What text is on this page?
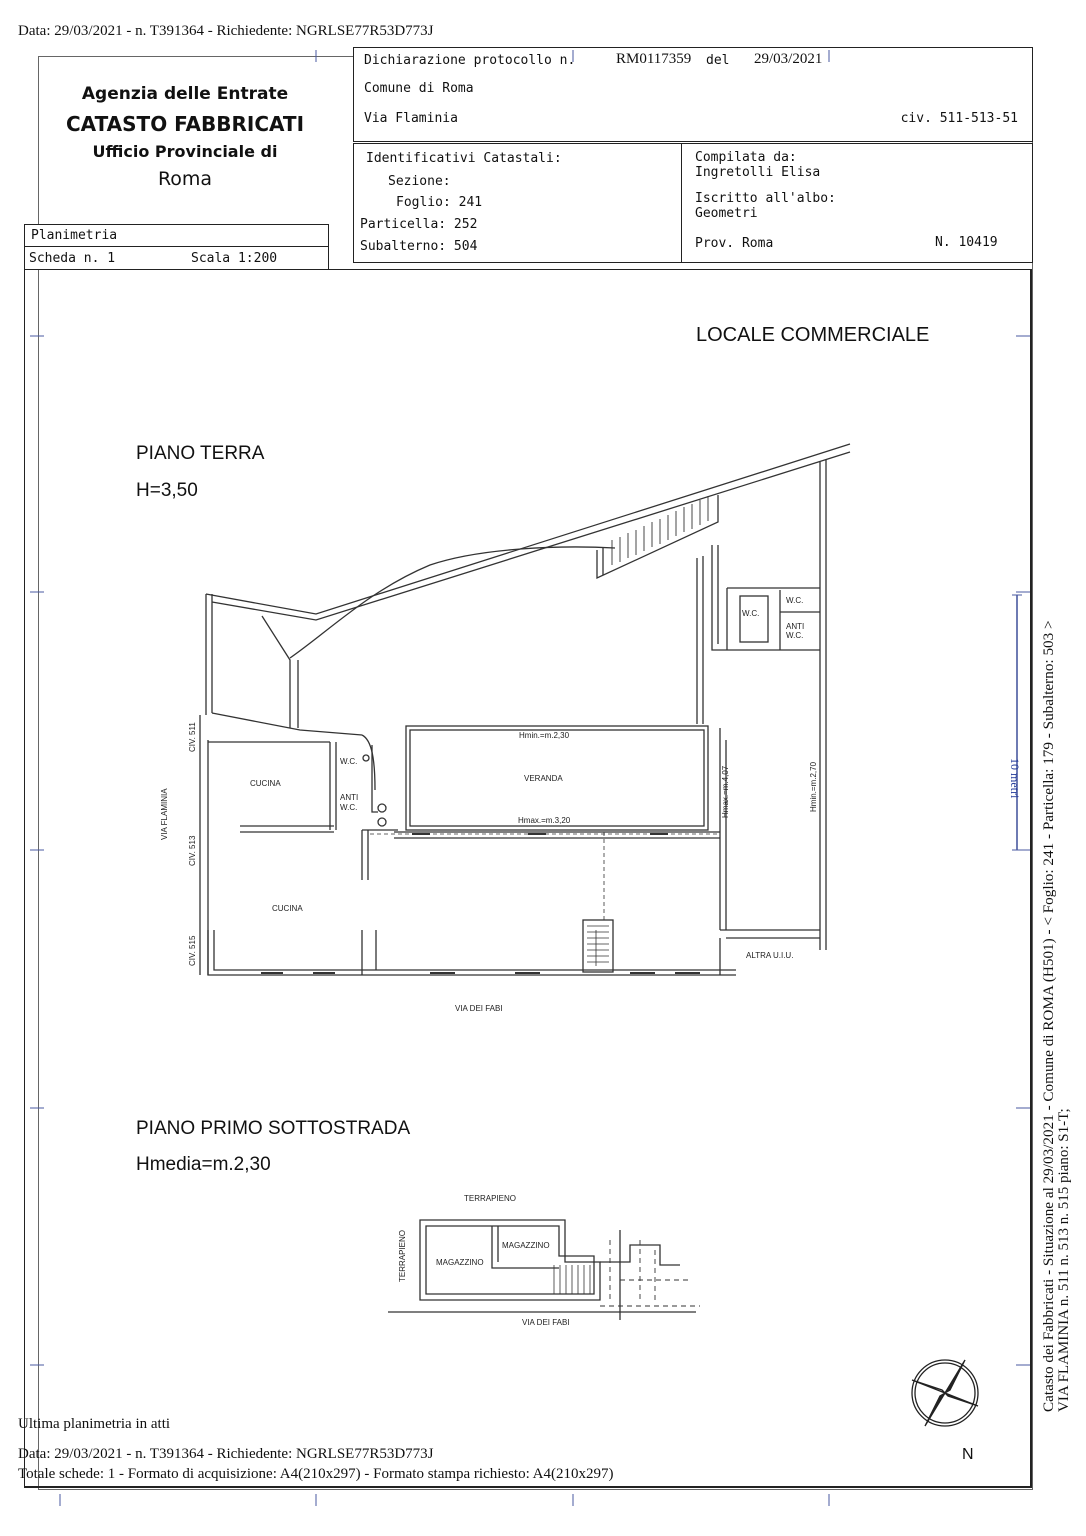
Data: 29/03/2021 - n. T391364 - Richiedente: NGRLSE77R53D773J
Agenzia delle Entrate
CATASTO FABBRICATI
Ufficio Provinciale di
Roma
Planimetria
Scheda n. 1	Scala 1:200
Dichiarazione protocollo n.	RM0117359 del 29/03/2021
Comune di Roma
Via Flaminia	civ. 511-513-51
Identificativi Catastali:
Sezione:
Foglio: 241
Particella: 252
Subalterno: 504
Compilata da:
Ingretolli Elisa
Iscritto all'albo:
Geometri
Prov. Roma	N. 10419
LOCALE COMMERCIALE
PIANO TERRA
H=3,50
PIANO PRIMO SOTTOSTRADA
Hmedia=m.2,30
VIA FLAMINIA
CIV. 511
CIV. 513
CIV. 515
CUCINA
CUCINA
W.C.
ANTI
W.C.
VERANDA
Hmin.=m.2,30
Hmax.=m.3,20
Hmax.=m.4,07	Hmin.=m.2,70
W.C.
W.C.
ANTI
W.C.
ALTRA U.I.U.
VIA DEI FABI
TERRAPIENO
TERRAPIENO	MAGAZZINO
MAGAZZINO
VIA DEI FABI	Catasto dei Fabbricati - Situazione al 29/03/2021 - Comune di ROMA (H501) - < Foglio: 241 - Particella: 179 - Subalterno: 503 > VIA FLAMINIA n. 511 n. 513 n. 515 piano: S1-T;
10 metri
N
Ultima planimetria in atti
Data: 29/03/2021 - n. T391364 - Richiedente: NGRLSE77R53D773J
Totale schede: 1 - Formato di acquisizione: A4(210x297) - Formato stampa richiesto: A4(210x297)
